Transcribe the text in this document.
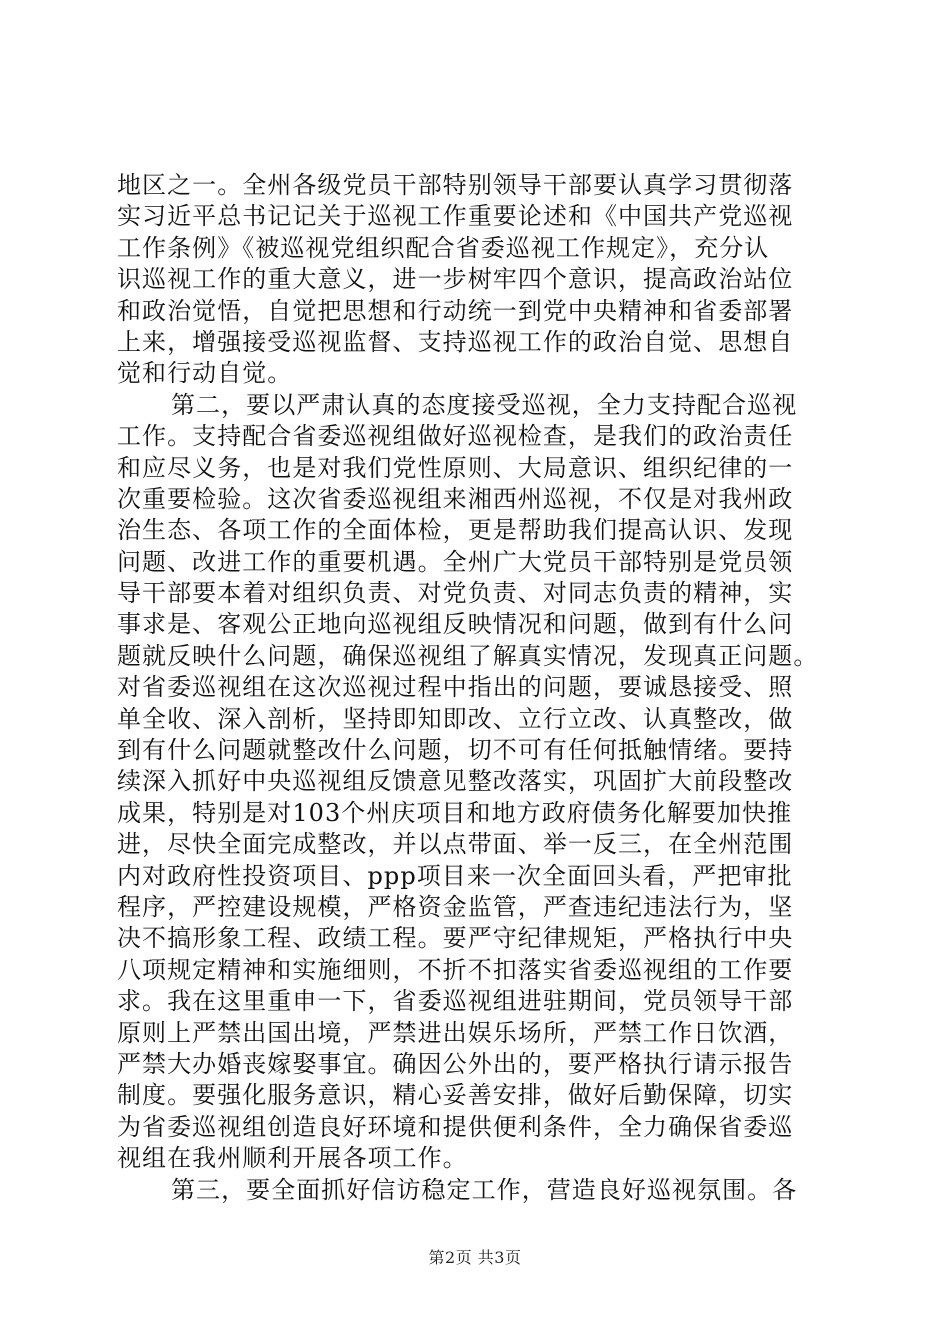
地区之一。全州各级党员干部特别领导干部要认真学习贯彻落
实习近平总书记记关于巡视工作重要论述和《中国共产党巡视
工作条例》《被巡视党组织配合省委巡视工作规定》，充分认
识巡视工作的重大意义，进一步树牢四个意识，提高政治站位
和政治觉悟，自觉把思想和行动统一到党中央精神和省委部署
上来，增强接受巡视监督、支持巡视工作的政治自觉、思想自
觉和行动自觉。
第二，要以严肃认真的态度接受巡视，全力支持配合巡视
工作。支持配合省委巡视组做好巡视检查，是我们的政治责任
和应尽义务，也是对我们党性原则、大局意识、组织纪律的一
次重要检验。这次省委巡视组来湘西州巡视，不仅是对我州政
治生态、各项工作的全面体检，更是帮助我们提高认识、发现
问题、改进工作的重要机遇。全州广大党员干部特别是党员领
导干部要本着对组织负责、对党负责、对同志负责的精神，实
事求是、客观公正地向巡视组反映情况和问题，做到有什么问
题就反映什么问题，确保巡视组了解真实情况，发现真正问题。
对省委巡视组在这次巡视过程中指出的问题，要诚恳接受、照
单全收、深入剖析，坚持即知即改、立行立改、认真整改，做
到有什么问题就整改什么问题，切不可有任何抵触情绪。要持
续深入抓好中央巡视组反馈意见整改落实，巩固扩大前段整改
成果，特别是对103个州庆项目和地方政府债务化解要加快推
进，尽快全面完成整改，并以点带面、举一反三，在全州范围
内对政府性投资项目、ppp项目来一次全面回头看，严把审批
程序，严控建设规模，严格资金监管，严查违纪违法行为，坚
决不搞形象工程、政绩工程。要严守纪律规矩，严格执行中央
八项规定精神和实施细则，不折不扣落实省委巡视组的工作要
求。我在这里重申一下，省委巡视组进驻期间，党员领导干部
原则上严禁出国出境，严禁进出娱乐场所，严禁工作日饮酒，
严禁大办婚丧嫁娶事宜。确因公外出的，要严格执行请示报告
制度。要强化服务意识，精心妥善安排，做好后勤保障，切实
为省委巡视组创造良好环境和提供便利条件，全力确保省委巡
视组在我州顺利开展各项工作。
第三，要全面抓好信访稳定工作，营造良好巡视氛围。各
第2页 共3页
